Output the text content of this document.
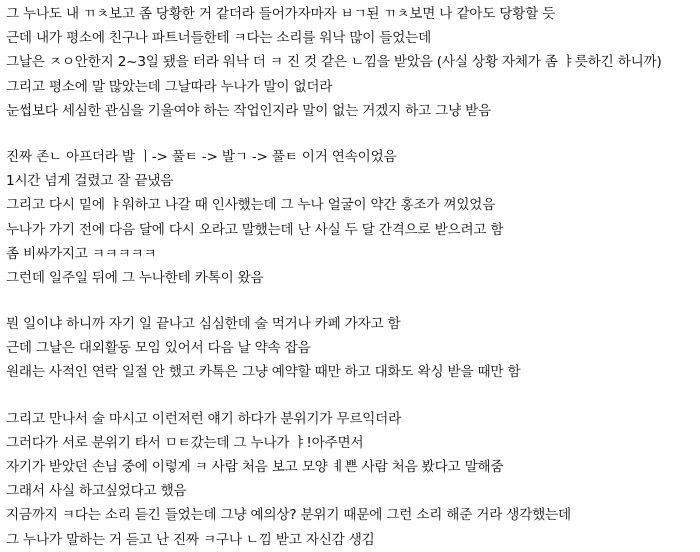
그 누나도 내 ㄲㅊ보고 좀 당황한 거 같더라 들어가자마자 ㅂㄱ된 ㄲㅊ보면 나 같아도 당황할 듯
근데 내가 평소에 친구나 파트너들한테 ㅋ다는 소리를 워낙 많이 들었는데
그날은 ㅈㅇ안한지 2~3일 됐을 터라 워낙 더 ㅋ 진 것 같은 ㄴ낌을 받았음 (사실 상황 자체가 좀 ㅑ릇하긴 하니까)
그리고 평소에 말 많았는데 그날따라 누나가 말이 없더라
눈썹보다 세심한 관심을 기울여야 하는 작업인지라 말이 없는 거겠지 하고 그냥 받음
진짜 존ㄴ 아프더라 발 ㅣ-> 풀ㅌ -> 발ㄱ -> 풀ㅌ 이거 연속이었음
1시간 넘게 걸렸고 잘 끝냈음
그리고 다시 밑에 ㅑ워하고 나갈 때 인사했는데 그 누나 얼굴이 약간 홍조가 껴있었음
누나가 가기 전에 다음 달에 다시 오라고 말했는데 난 사실 두 달 간격으로 받으려고 함
좀 비싸가지고 ㅋㅋㅋㅋㅋ
그런데 일주일 뒤에 그 누나한테 카톡이 왔음
뭔 일이냐 하니까 자기 일 끝나고 심심한데 술 먹거나 카페 가자고 함
근데 그날은 대외활동 모임 있어서 다음 날 약속 잡음
원래는 사적인 연락 일절 안 했고 카톡은 그냥 예약할 때만 하고 대화도 왁싱 받을 때만 함
그리고 만나서 술 마시고 이런저런 얘기 하다가 분위기가 무르익더라
그러다가 서로 분위기 타서 ㅁㅌ갔는데 그 누나가 ㅑ!아주면서
자기가 받았던 손님 중에 이렇게 ㅋ 사람 처음 보고 모양 ㅖ쁜 사람 처음 봤다고 말해줌
그래서 사실 하고싶었다고 했음
지금까지 ㅋ다는 소리 듣긴 들었는데 그냥 예의상? 분위기 때문에 그런 소리 해준 거라 생각했는데
그 누나가 말하는 거 듣고 난 진짜 ㅋ구나 ㄴ낌 받고 자신감 생김
